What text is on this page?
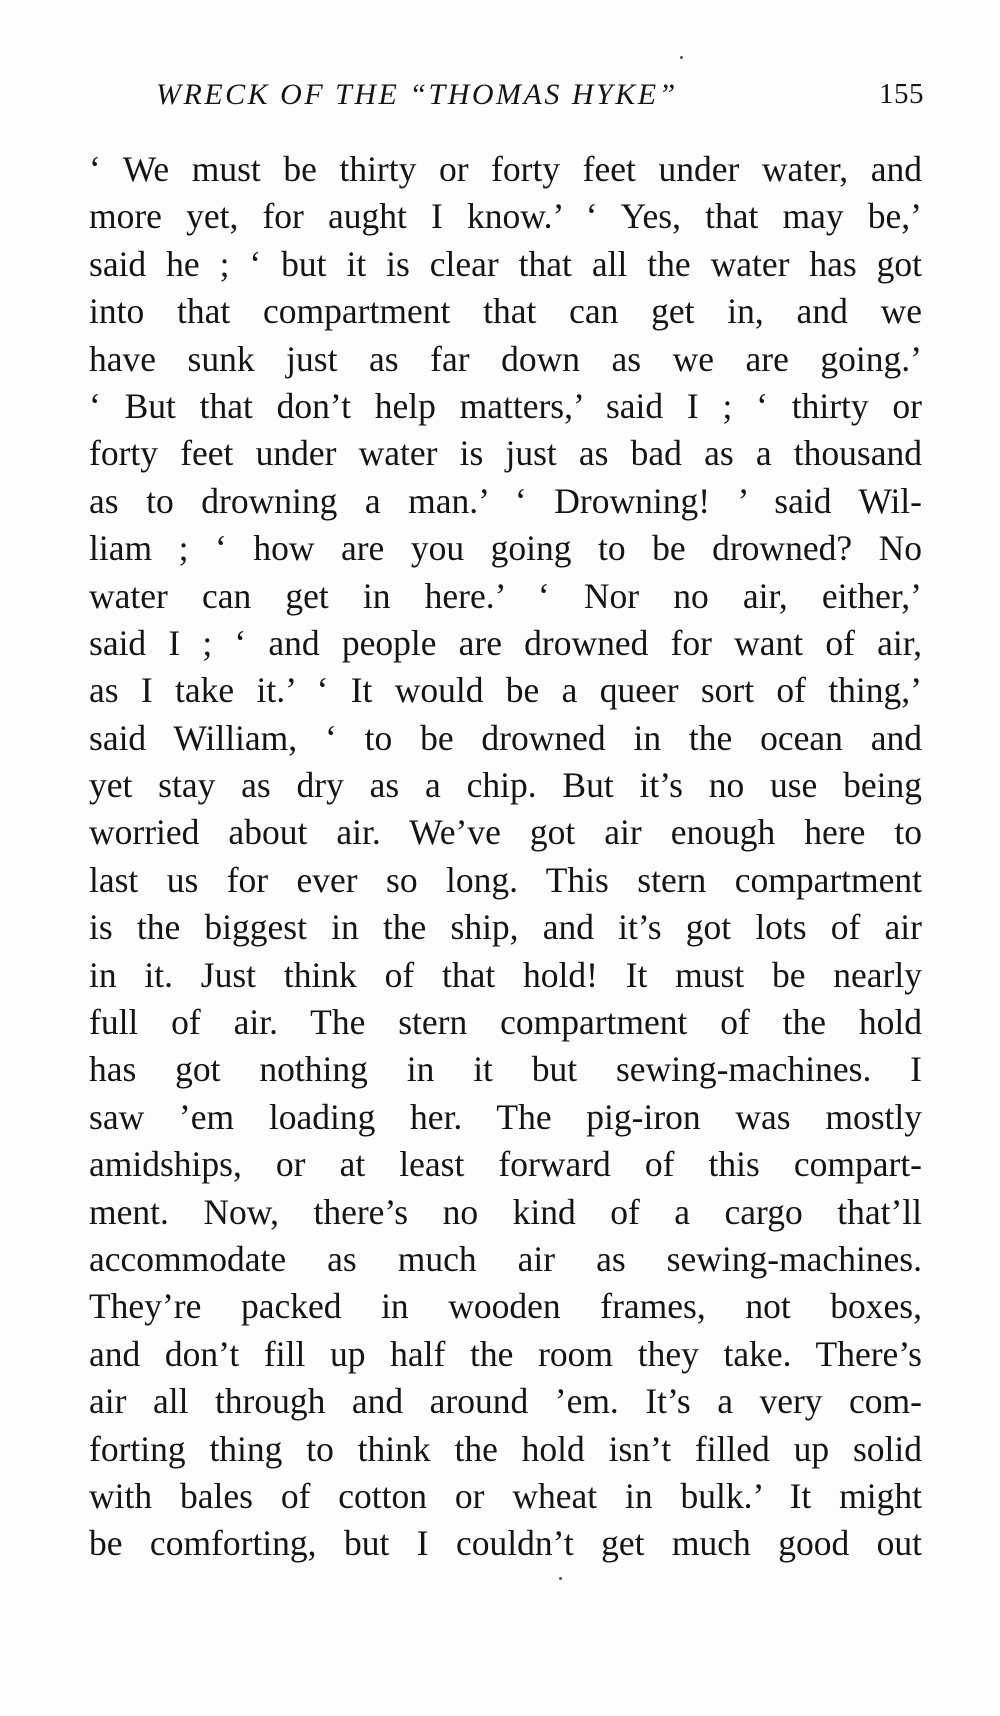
WRECK OF THE “THOMAS HYKE”	155
‘ We must be thirty or forty feet under water, and
more yet, for aught I know.’ ‘ Yes, that may be,’
said he ; ‘ but it is clear that all the water has got
into that compartment that can get in, and we
have sunk just as far down as we are going.’
‘ But that don’t help matters,’ said I ; ‘ thirty or
forty feet under water is just as bad as a thousand
as to drowning a man.’ ‘ Drowning! ’ said Wil-
liam ; ‘ how are you going to be drowned? No
water can get in here.’ ‘ Nor no air, either,’
said I ; ‘ and people are drowned for want of air,
as I take it.’ ‘ It would be a queer sort of thing,’
said William, ‘ to be drowned in the ocean and
yet stay as dry as a chip. But it’s no use being
worried about air. We’ve got air enough here to
last us for ever so long. This stern compartment
is the biggest in the ship, and it’s got lots of air
in it. Just think of that hold! It must be nearly
full of air. The stern compartment of the hold
has got nothing in it but sewing-machines. I
saw ’em loading her. The pig-iron was mostly
amidships, or at least forward of this compart-
ment. Now, there’s no kind of a cargo that’ll
accommodate as much air as sewing-machines.
They’re packed in wooden frames, not boxes,
and don’t fill up half the room they take. There’s
air all through and around ’em. It’s a very com-
forting thing to think the hold isn’t filled up solid
with bales of cotton or wheat in bulk.’ It might
be comforting, but I couldn’t get much good out
